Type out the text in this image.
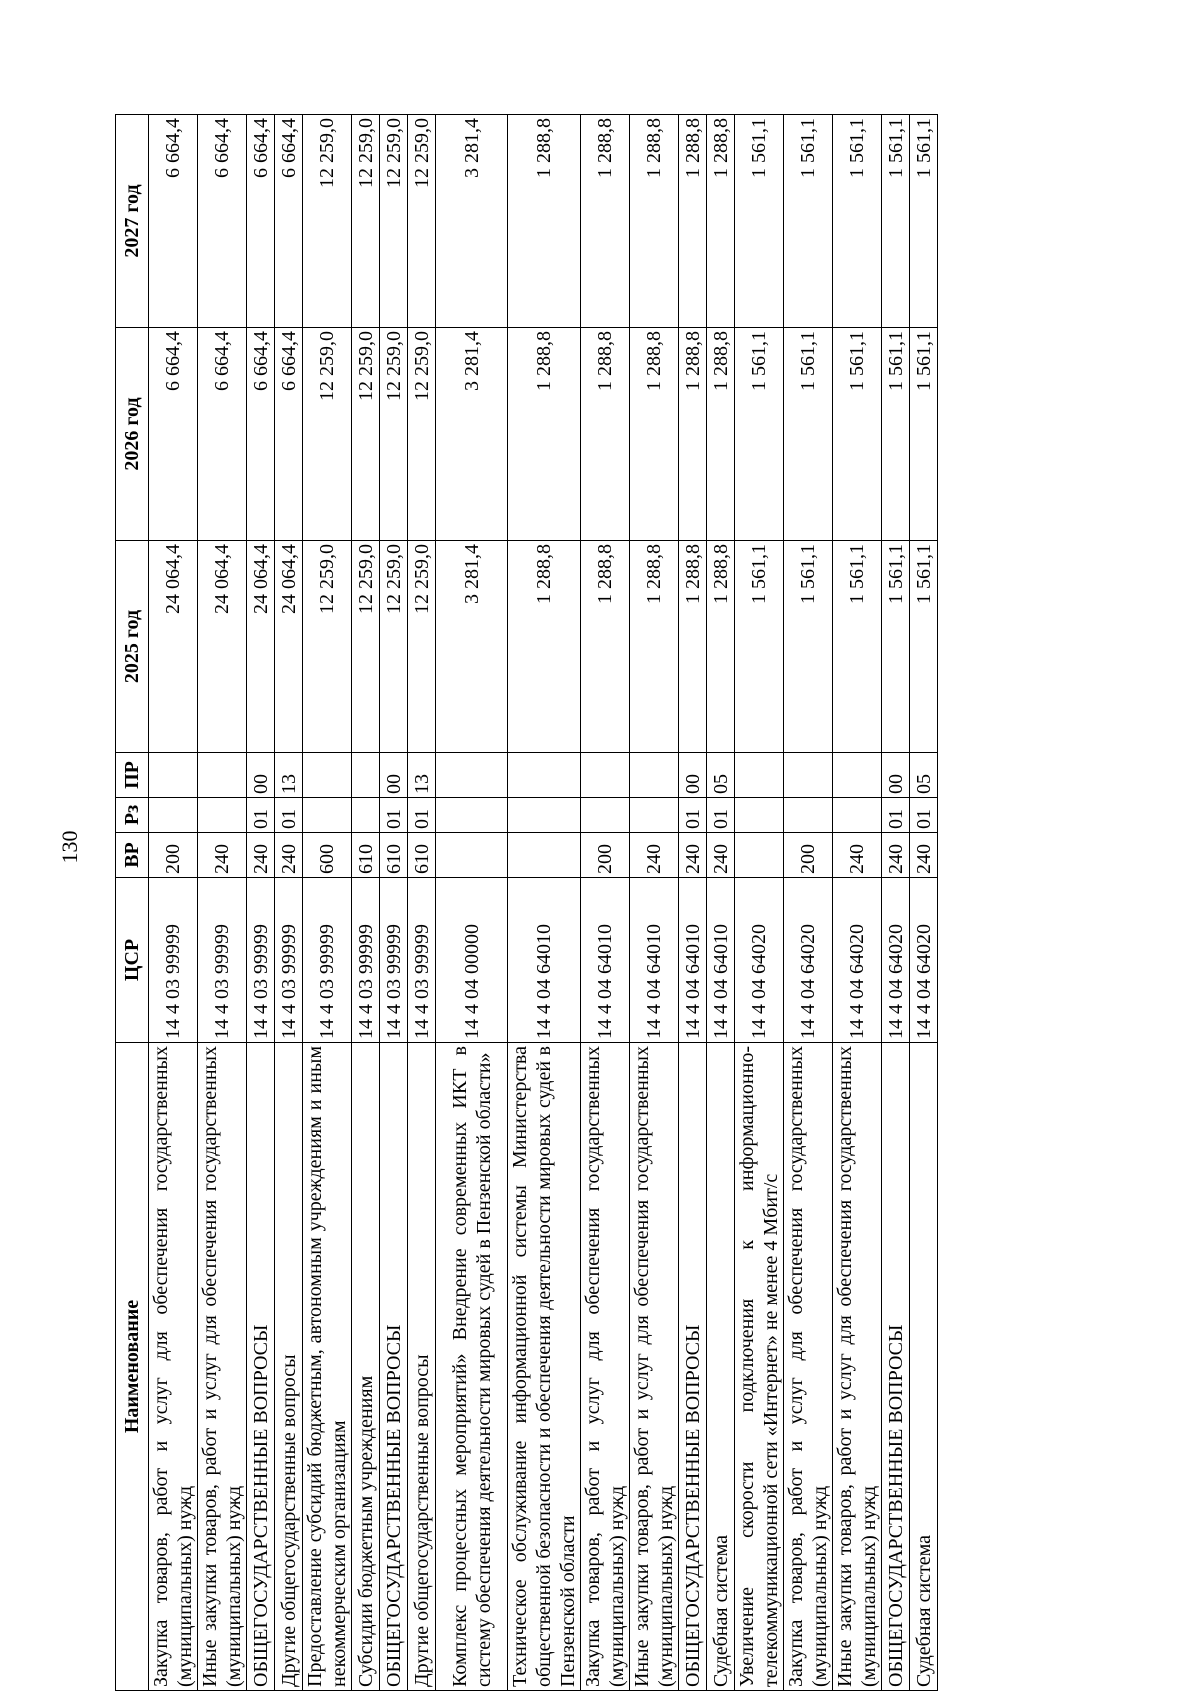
130
Наименование	ЦСР	ВР	Рз	ПР	2025 год	2026 год	2027 год
Закупка товаров, работ и услуг для обеспечения государственных (муниципальных) нужд	14 4 03 99999	200			24 064,4	6 664,4	6 664,4
Иные закупки товаров, работ и услуг для обеспечения государственных (муниципальных) нужд	14 4 03 99999	240			24 064,4	6 664,4	6 664,4
ОБЩЕГОСУДАРСТВЕННЫЕ ВОПРОСЫ	14 4 03 99999	240	01	00	24 064,4	6 664,4	6 664,4
Другие общегосударственные вопросы	14 4 03 99999	240	01	13	24 064,4	6 664,4	6 664,4
Предоставление субсидий бюджетным, автономным учреждениям и иным некоммерческим организациям	14 4 03 99999	600			12 259,0	12 259,0	12 259,0
Субсидии бюджетным учреждениям	14 4 03 99999	610			12 259,0	12 259,0	12 259,0
ОБЩЕГОСУДАРСТВЕННЫЕ ВОПРОСЫ	14 4 03 99999	610	01	00	12 259,0	12 259,0	12 259,0
Другие общегосударственные вопросы	14 4 03 99999	610	01	13	12 259,0	12 259,0	12 259,0
Комплекс процессных мероприятий» Внедрение современных ИКТ в систему обеспечения деятельности мировых судей в Пензенской области»	14 4 04 00000				3 281,4	3 281,4	3 281,4
Техническое обслуживание информационной системы Министерства общественной безопасности и обеспечения деятельности мировых судей в Пензенской области	14 4 04 64010				1 288,8	1 288,8	1 288,8
Закупка товаров, работ и услуг для обеспечения государственных (муниципальных) нужд	14 4 04 64010	200			1 288,8	1 288,8	1 288,8
Иные закупки товаров, работ и услуг для обеспечения государственных (муниципальных) нужд	14 4 04 64010	240			1 288,8	1 288,8	1 288,8
ОБЩЕГОСУДАРСТВЕННЫЕ ВОПРОСЫ	14 4 04 64010	240	01	00	1 288,8	1 288,8	1 288,8
Судебная система	14 4 04 64010	240	01	05	1 288,8	1 288,8	1 288,8
Увеличение скорости подключения к информационно-телекоммуникационной сети «Интернет» не менее 4 Мбит/с	14 4 04 64020				1 561,1	1 561,1	1 561,1
Закупка товаров, работ и услуг для обеспечения государственных (муниципальных) нужд	14 4 04 64020	200			1 561,1	1 561,1	1 561,1
Иные закупки товаров, работ и услуг для обеспечения государственных (муниципальных) нужд	14 4 04 64020	240			1 561,1	1 561,1	1 561,1
ОБЩЕГОСУДАРСТВЕННЫЕ ВОПРОСЫ	14 4 04 64020	240	01	00	1 561,1	1 561,1	1 561,1
Судебная система	14 4 04 64020	240	01	05	1 561,1	1 561,1	1 561,1
